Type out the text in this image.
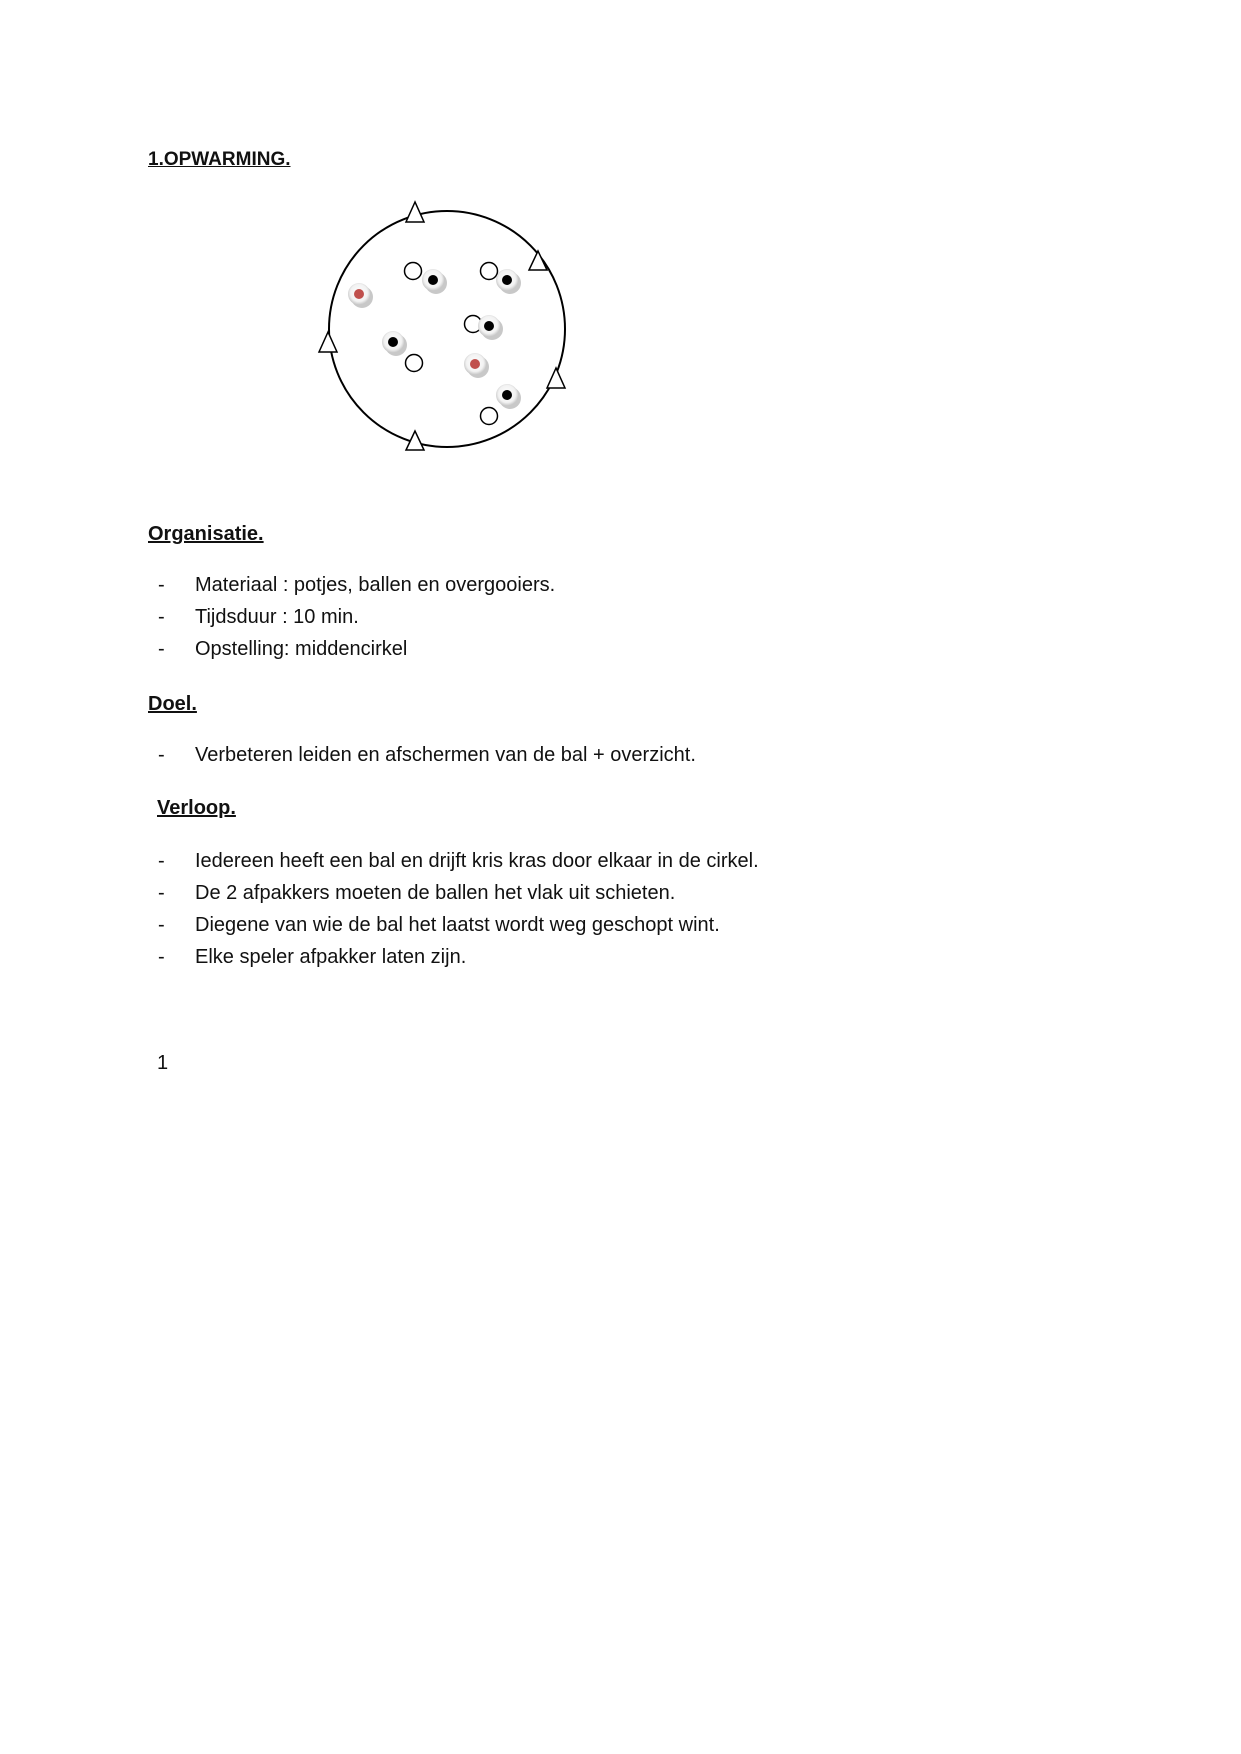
1.OPWARMING.
Organisatie.
- Materiaal : potjes, ballen en overgooiers.
- Tijdsduur : 10 min.
- Opstelling: middencirkel
Doel.
- Verbeteren leiden en afschermen van de bal + overzicht.
Verloop.
- Iedereen heeft een bal en drijft kris kras door elkaar in de cirkel.
- De 2 afpakkers moeten de ballen het vlak uit schieten.
- Diegene van wie de bal het laatst wordt weg geschopt wint.
- Elke speler afpakker laten zijn.

1
